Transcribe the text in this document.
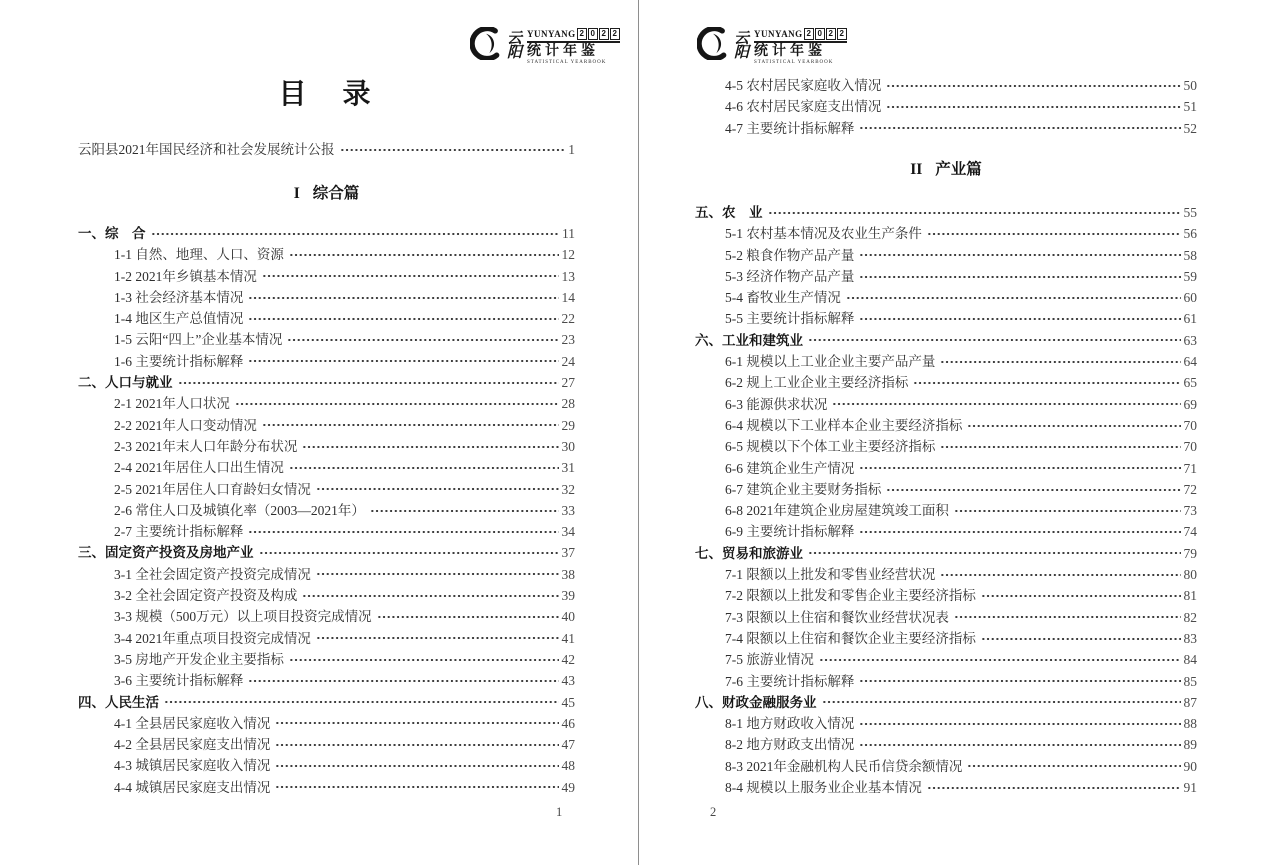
云
阳
YUNYANG 2 0 2 2
统计年鉴
STATISTICAL YEARBOOK
目　录
云阳县2021年国民经济和社会发展统计公报	1
I 综合篇
一、综　合	11
1-1 自然、地理、人口、资源	12
1-2 2021年乡镇基本情况	13
1-3 社会经济基本情况	14
1-4 地区生产总值情况	22
1-5 云阳“四上”企业基本情况	23
1-6 主要统计指标解释	24
二、人口与就业	27
2-1 2021年人口状况	28
2-2 2021年人口变动情况	29
2-3 2021年末人口年龄分布状况	30
2-4 2021年居住人口出生情况	31
2-5 2021年居住人口育龄妇女情况	32
2-6 常住人口及城镇化率（2003—2021年）	33
2-7 主要统计指标解释	34
三、固定资产投资及房地产业	37
3-1 全社会固定资产投资完成情况	38
3-2 全社会固定资产投资及构成	39
3-3 规模（500万元）以上项目投资完成情况	40
3-4 2021年重点项目投资完成情况	41
3-5 房地产开发企业主要指标	42
3-6 主要统计指标解释	43
四、人民生活	45
4-1 全县居民家庭收入情况	46
4-2 全县居民家庭支出情况	47
4-3 城镇居民家庭收入情况	48
4-4 城镇居民家庭支出情况	49
1
云
阳
YUNYANG 2 0 2 2
统计年鉴
STATISTICAL YEARBOOK
4-5 农村居民家庭收入情况	50
4-6 农村居民家庭支出情况	51
4-7 主要统计指标解释	52
II 产业篇
五、农　业	55
5-1 农村基本情况及农业生产条件	56
5-2 粮食作物产品产量	58
5-3 经济作物产品产量	59
5-4 畜牧业生产情况	60
5-5 主要统计指标解释	61
六、工业和建筑业	63
6-1 规模以上工业企业主要产品产量	64
6-2 规上工业企业主要经济指标	65
6-3 能源供求状况	69
6-4 规模以下工业样本企业主要经济指标	70
6-5 规模以下个体工业主要经济指标	70
6-6 建筑企业生产情况	71
6-7 建筑企业主要财务指标	72
6-8 2021年建筑企业房屋建筑竣工面积	73
6-9 主要统计指标解释	74
七、贸易和旅游业	79
7-1 限额以上批发和零售业经营状况	80
7-2 限额以上批发和零售企业主要经济指标	81
7-3 限额以上住宿和餐饮业经营状况表	82
7-4 限额以上住宿和餐饮企业主要经济指标	83
7-5 旅游业情况	84
7-6 主要统计指标解释	85
八、财政金融服务业	87
8-1 地方财政收入情况	88
8-2 地方财政支出情况	89
8-3 2021年金融机构人民币信贷余额情况	90
8-4 规模以上服务业企业基本情况	91
2
